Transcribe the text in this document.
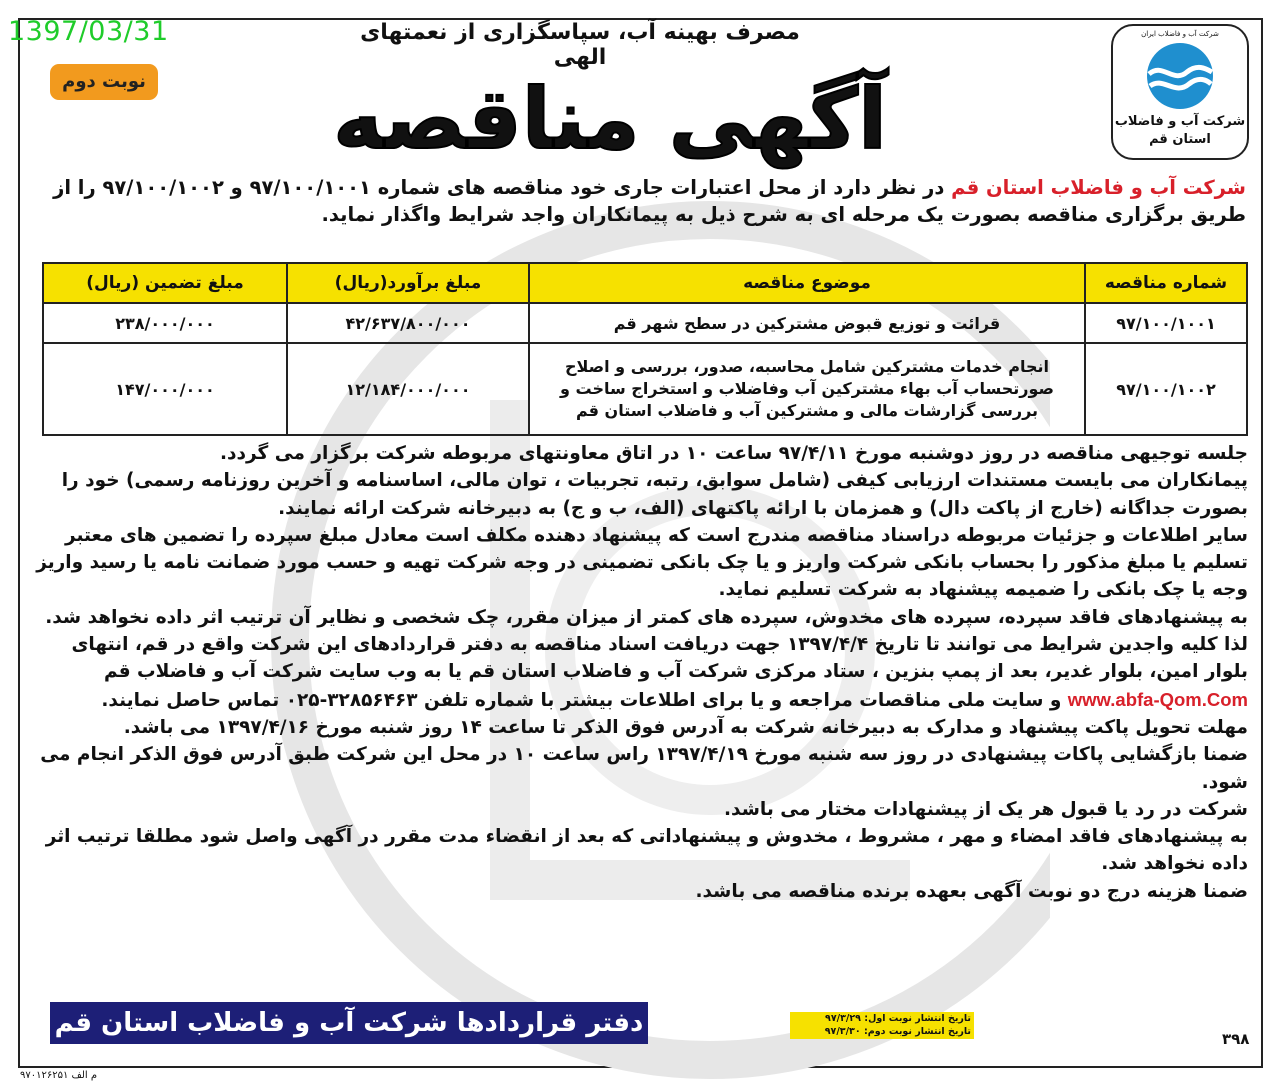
1397/03/31	شرکت آب و فاضلاب ایران
شرکت آب و فاضلاب
استان قم
مصرف بهینه آب، سپاسگزاری از نعمتهای الهی
آگهی مناقصه
نوبت دوم
شرکت آب و فاضلاب استان قم در نظر دارد از محل اعتبارات جاری خود مناقصه های شماره ۹۷/۱۰۰/۱۰۰۱ و ۹۷/۱۰۰/۱۰۰۲ را از طریق برگزاری مناقصه بصورت یک مرحله ای به شرح ذیل به پیمانکاران واجد شرایط واگذار نماید.
شماره مناقصه	موضوع مناقصه	مبلغ برآورد(ریال)	مبلغ تضمین (ریال)
۹۷/۱۰۰/۱۰۰۱	قرائت و توزیع قبوض مشترکین در سطح شهر قم	۴۲/۶۳۷/۸۰۰/۰۰۰	۲۳۸/۰۰۰/۰۰۰
۹۷/۱۰۰/۱۰۰۲	انجام خدمات مشترکین شامل محاسبه، صدور، بررسی و اصلاح صورتحساب آب بهاء مشترکین آب وفاضلاب و استخراج ساخت و بررسی گزارشات مالی و مشترکین آب و فاضلاب استان قم	۱۲/۱۸۴/۰۰۰/۰۰۰	۱۴۷/۰۰۰/۰۰۰

جلسه توجیهی مناقصه در روز دوشنبه مورخ ۹۷/۴/۱۱ ساعت ۱۰ در اتاق معاونتهای مربوطه شرکت برگزار می گردد.

پیمانکاران می بایست مستندات ارزیابی کیفی (شامل سوابق، رتبه، تجربیات ، توان مالی، اساسنامه و آخرین روزنامه رسمی) خود را بصورت جداگانه (خارج از پاکت دال) و همزمان با ارائه پاکتهای (الف، ب و ج) به دبیرخانه شرکت ارائه نمایند.

سایر اطلاعات و جزئیات مربوطه دراسناد مناقصه مندرج است که پیشنهاد دهنده مکلف است معادل مبلغ سپرده را تضمین های معتبر تسلیم یا مبلغ مذکور را بحساب بانکی شرکت واریز و یا چک بانکی تضمینی در وجه شرکت تهیه و حسب مورد ضمانت نامه یا رسید واریز وجه یا چک بانکی را ضمیمه پیشنهاد به شرکت تسلیم نماید.

به پیشنهادهای فاقد سپرده، سپرده های مخدوش، سپرده های کمتر از میزان مقرر، چک شخصی و نظایر آن ترتیب اثر داده نخواهد شد.

لذا کلیه واجدین شرایط می توانند تا تاریخ ۱۳۹۷/۴/۴ جهت دریافت اسناد مناقصه به دفتر قراردادهای این شرکت واقع در قم، انتهای بلوار امین، بلوار غدیر، بعد از پمپ بنزین ، ستاد مرکزی شرکت آب و فاضلاب استان قم یا به وب سایت شرکت آب و فاضلاب قم www.abfa-Qom.Com و سایت ملی مناقصات مراجعه و یا برای اطلاعات بیشتر با شماره تلفن ۳۲۸۵۶۴۶۳-۰۲۵ تماس حاصل نمایند.

مهلت تحویل پاکت پیشنهاد و مدارک به دبیرخانه شرکت به آدرس فوق الذکر تا ساعت ۱۴ روز شنبه مورخ ۱۳۹۷/۴/۱۶ می باشد.

ضمنا بازگشایی پاکات پیشنهادی در روز سه شنبه مورخ ۱۳۹۷/۴/۱۹ راس ساعت ۱۰ در محل این شرکت طبق آدرس فوق الذکر انجام می شود.

شرکت در رد یا قبول هر یک از پیشنهادات مختار می باشد.

به پیشنهادهای فاقد امضاء و مهر ، مشروط ، مخدوش و پیشنهاداتی که بعد از انقضاء مدت مقرر در آگهی واصل شود مطلقا ترتیب اثر داده نخواهد شد.

ضمنا هزینه درج دو نوبت آگهی بعهده برنده مناقصه می باشد.

دفتر قراردادها شرکت آب و فاضلاب استان قم	تاریخ انتشار نوبت اول: ۹۷/۳/۲۹
تاریخ انتشار نوبت دوم: ۹۷/۳/۳۰	۳۹۸
م الف ۹۷۰۱۲۶۲۵۱
